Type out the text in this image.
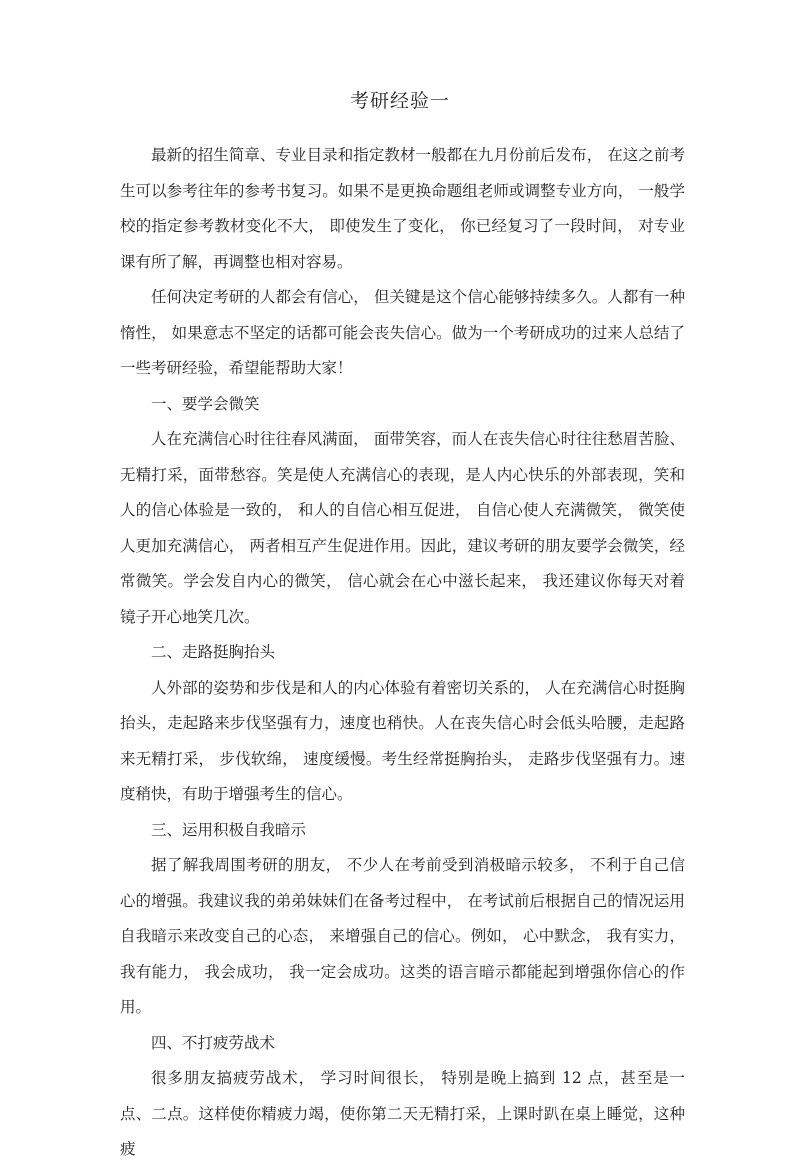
考研经验一

最新的招生简章、专业目录和指定教材一般都在九月份前后发布， 在这之前考生可以参考往年的参考书复习。如果不是更换命题组老师或调整专业方向， 一般学校的指定参考教材变化不大， 即使发生了变化， 你已经复习了一段时间， 对专业课有所了解，再调整也相对容易。

任何决定考研的人都会有信心， 但关键是这个信心能够持续多久。人都有一种惰性， 如果意志不坚定的话都可能会丧失信心。做为一个考研成功的过来人总结了一些考研经验，希望能帮助大家！

一、要学会微笑

人在充满信心时往往春风满面， 面带笑容，而人在丧失信心时往往愁眉苦脸、无精打采，面带愁容。笑是使人充满信心的表现，是人内心快乐的外部表现，笑和人的信心体验是一致的， 和人的自信心相互促进， 自信心使人充满微笑， 微笑使人更加充满信心， 两者相互产生促进作用。因此，建议考研的朋友要学会微笑，经常微笑。学会发自内心的微笑， 信心就会在心中滋长起来， 我还建议你每天对着镜子开心地笑几次。

二、走路挺胸抬头

人外部的姿势和步伐是和人的内心体验有着密切关系的， 人在充满信心时挺胸抬头，走起路来步伐坚强有力，速度也稍快。人在丧失信心时会低头哈腰，走起路来无精打采， 步伐软绵， 速度缓慢。考生经常挺胸抬头， 走路步伐坚强有力。速度稍快，有助于增强考生的信心。

三、运用积极自我暗示

据了解我周围考研的朋友， 不少人在考前受到消极暗示较多， 不利于自己信心的增强。我建议我的弟弟妹妹们在备考过程中， 在考试前后根据自己的情况运用自我暗示来改变自己的心态， 来增强自己的信心。例如， 心中默念， 我有实力，我有能力， 我会成功， 我一定会成功。这类的语言暗示都能起到增强你信心的作用。

四、不打疲劳战术

很多朋友搞疲劳战术， 学习时间很长， 特别是晚上搞到 12 点，甚至是一点、二点。这样使你精疲力竭，使你第二天无精打采，上课时趴在桌上睡觉，这种疲
